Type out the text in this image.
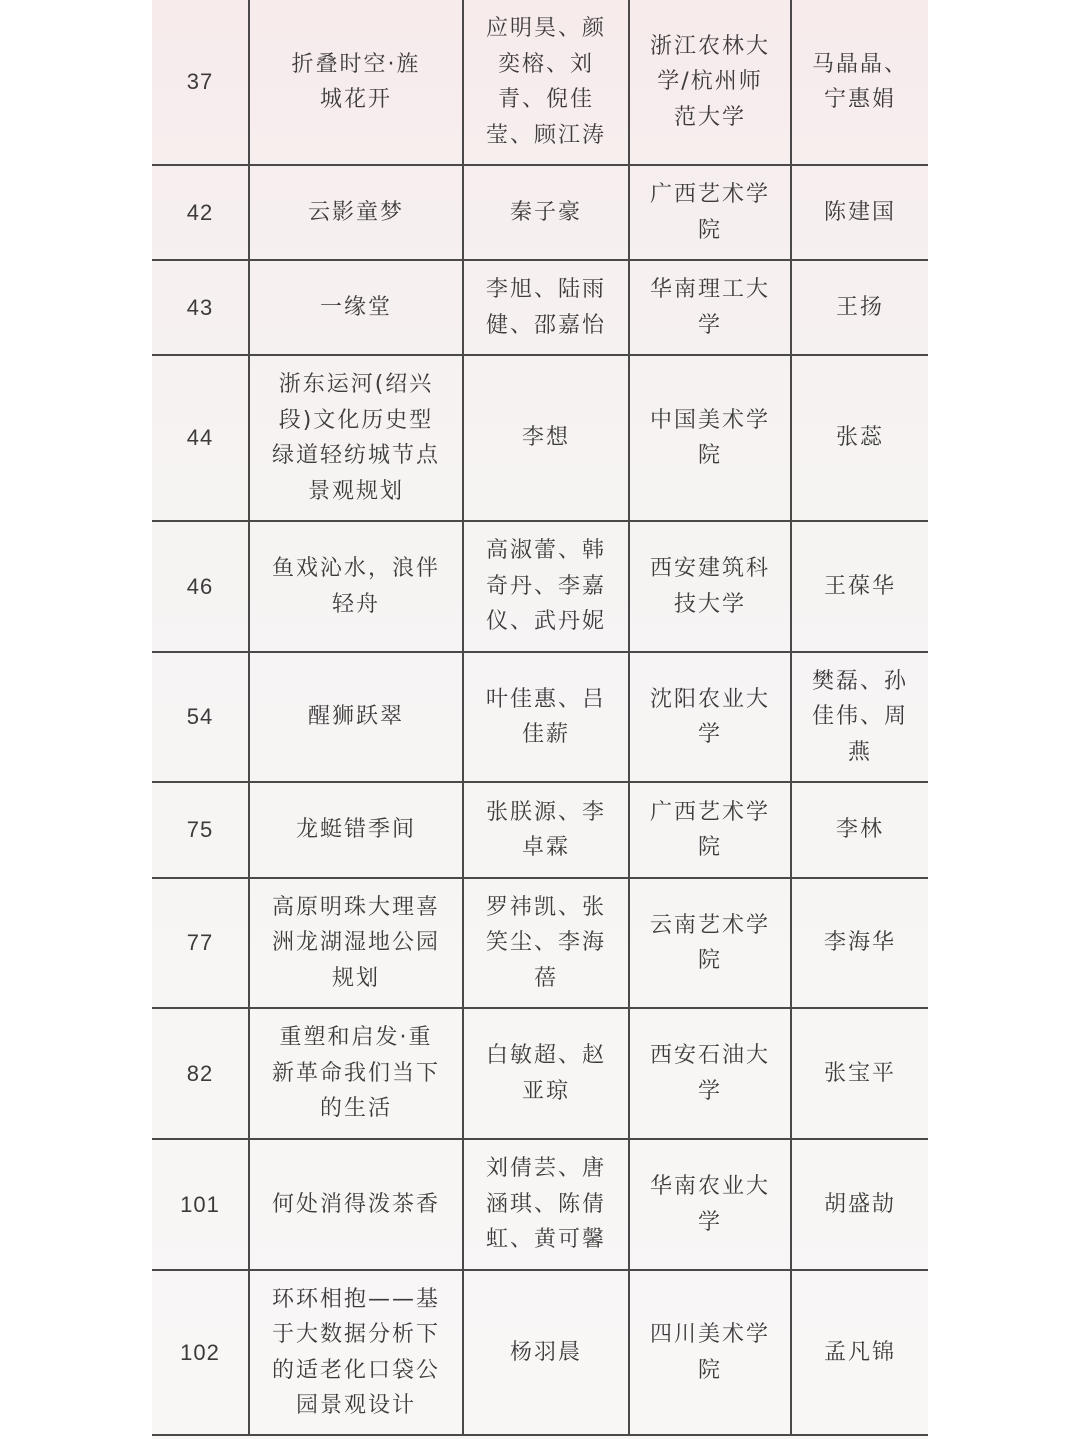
37	折叠时空·旌城花开	应明昊、颜奕榕、刘青、倪佳莹、顾江涛	浙江农林大学/杭州师范大学	马晶晶、宁惠娟
42	云影童梦	秦子豪	广西艺术学院	陈建国
43	一缘堂	李旭、陆雨健、邵嘉怡	华南理工大学	王扬
44	浙东运河(绍兴段)文化历史型绿道轻纺城节点景观规划	李想	中国美术学院	张蕊
46	鱼戏沁水，浪伴轻舟	高淑蕾、韩奇丹、李嘉仪、武丹妮	西安建筑科技大学	王葆华
54	醒狮跃翠	叶佳惠、吕佳薪	沈阳农业大学	樊磊、孙佳伟、周燕
75	龙蜓错季间	张朕源、李卓霖	广西艺术学院	李林
77	高原明珠大理喜洲龙湖湿地公园规划	罗祎凯、张笑尘、李海蓓	云南艺术学院	李海华
82	重塑和启发·重新革命我们当下的生活	白敏超、赵亚琼	西安石油大学	张宝平
101	何处消得泼茶香	刘倩芸、唐涵琪、陈倩虹、黄可馨	华南农业大学	胡盛劼
102	环环相抱——基于大数据分析下的适老化口袋公园景观设计	杨羽晨	四川美术学院	孟凡锦
